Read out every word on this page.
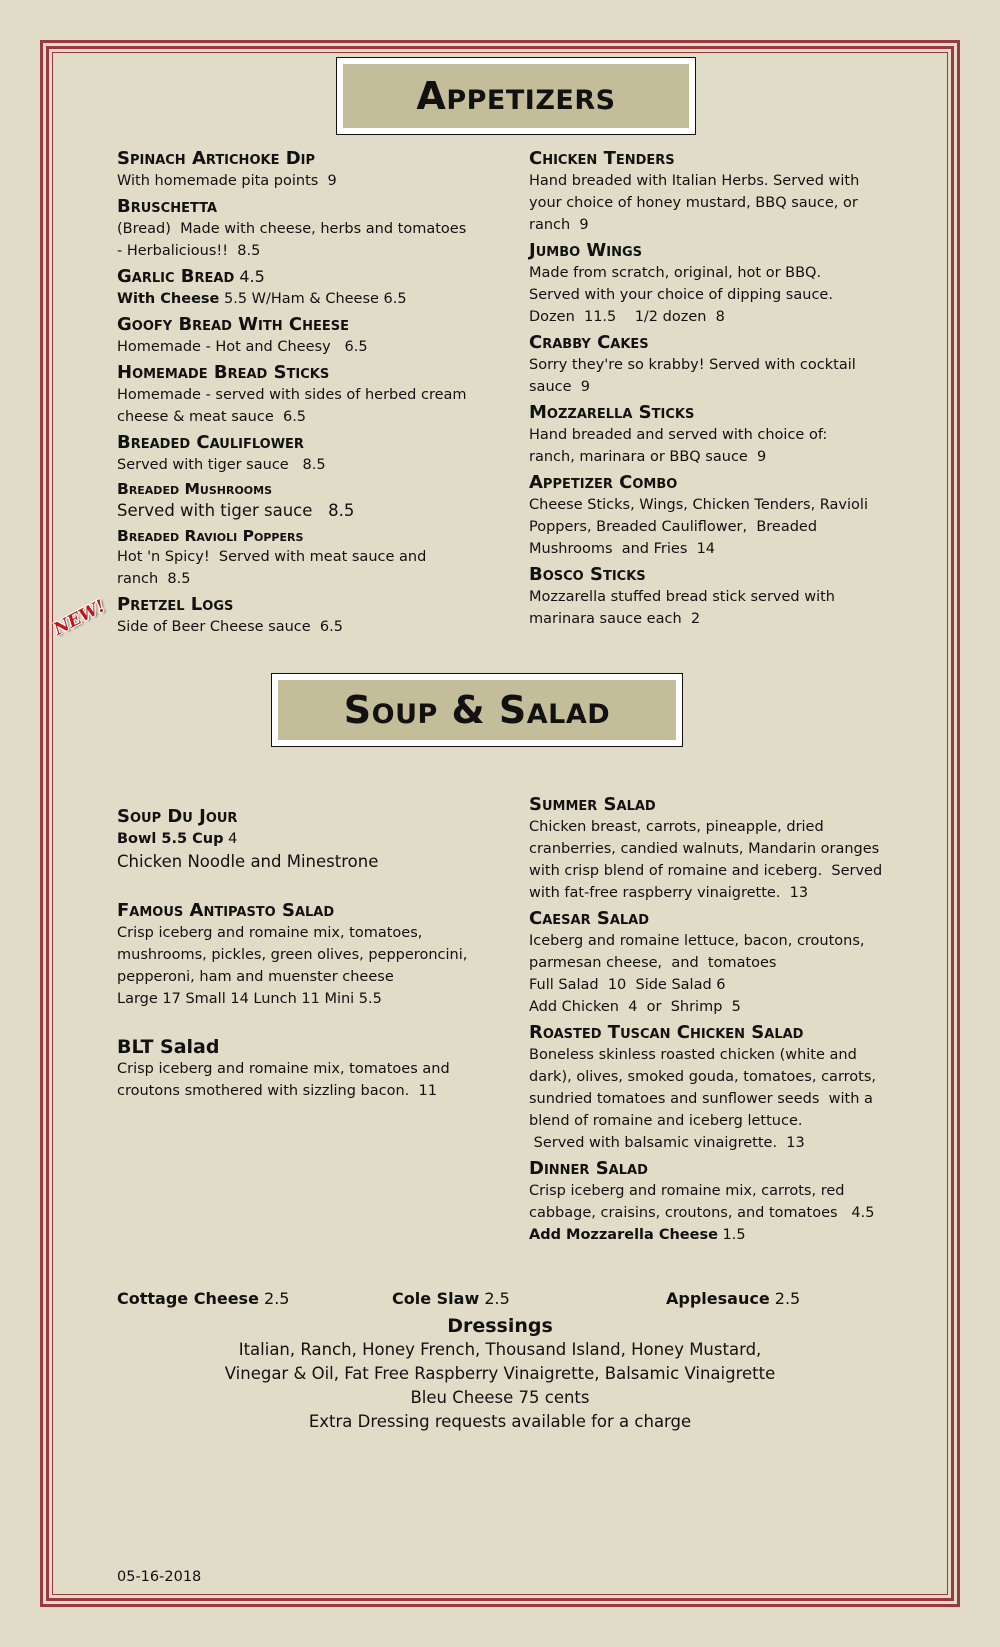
Appetizers
Spinach Artichoke Dip
With homemade pita points  9
Bruschetta
(Bread)  Made with cheese, herbs and tomatoes
- Herbalicious!!  8.5
Garlic Bread 4.5
With Cheese 5.5 W/Ham & Cheese 6.5
Goofy Bread With Cheese
Homemade - Hot and Cheesy   6.5
Homemade Bread Sticks
Homemade - served with sides of herbed cream
cheese & meat sauce  6.5
Breaded Cauliflower
Served with tiger sauce   8.5
Breaded Mushrooms
Served with tiger sauce   8.5
Breaded Ravioli Poppers
Hot 'n Spicy!  Served with meat sauce and
ranch  8.5
Pretzel Logs
Side of Beer Cheese sauce  6.5
Chicken Tenders
Hand breaded with Italian Herbs. Served with
your choice of honey mustard, BBQ sauce, or
ranch  9
Jumbo Wings
Made from scratch, original, hot or BBQ.
Served with your choice of dipping sauce.
Dozen  11.5    1/2 dozen  8
Crabby Cakes
Sorry they're so krabby! Served with cocktail
sauce  9
Mozzarella Sticks
Hand breaded and served with choice of:
ranch, marinara or BBQ sauce  9
Appetizer Combo
Cheese Sticks, Wings, Chicken Tenders, Ravioli
Poppers, Breaded Cauliflower,  Breaded
Mushrooms  and Fries  14
Bosco Sticks
Mozzarella stuffed bread stick served with
marinara sauce each  2
NEW!
Soup & Salad
Soup Du Jour
Bowl 5.5 Cup 4
Chicken Noodle and Minestrone
Famous Antipasto Salad
Crisp iceberg and romaine mix, tomatoes,
mushrooms, pickles, green olives, pepperoncini,
pepperoni, ham and muenster cheese
Large 17 Small 14 Lunch 11 Mini 5.5
BLT Salad
Crisp iceberg and romaine mix, tomatoes and
croutons smothered with sizzling bacon.  11
Summer Salad
Chicken breast, carrots, pineapple, dried
cranberries, candied walnuts, Mandarin oranges
with crisp blend of romaine and iceberg.  Served
with fat-free raspberry vinaigrette.  13
Caesar Salad
Iceberg and romaine lettuce, bacon, croutons,
parmesan cheese,  and  tomatoes
Full Salad  10  Side Salad 6
Add Chicken  4  or  Shrimp  5
Roasted Tuscan Chicken Salad
Boneless skinless roasted chicken (white and
dark), olives, smoked gouda, tomatoes, carrots,
sundried tomatoes and sunflower seeds  with a
blend of romaine and iceberg lettuce.
Served with balsamic vinaigrette.  13
Dinner Salad
Crisp iceberg and romaine mix, carrots, red
cabbage, craisins, croutons, and tomatoes   4.5
Add Mozzarella Cheese 1.5
Cottage Cheese 2.5	Cole Slaw 2.5	Applesauce 2.5
Dressings
Italian, Ranch, Honey French, Thousand Island, Honey Mustard,
Vinegar & Oil, Fat Free Raspberry Vinaigrette, Balsamic Vinaigrette
Bleu Cheese 75 cents
Extra Dressing requests available for a charge
05-16-2018
